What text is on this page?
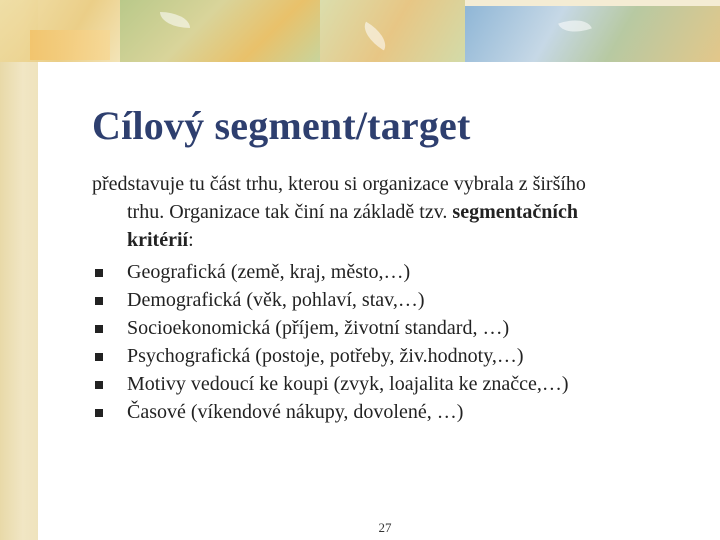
Cílový segment/target
představuje tu část trhu, kterou si organizace vybrala z širšího
trhu. Organizace tak činí na základě tzv. segmentačních
kritérií:
Geografická (země, kraj, město,…)
Demografická (věk, pohlaví, stav,…)
Socioekonomická (příjem, životní standard, …)
Psychografická (postoje, potřeby, živ.hodnoty,…)
Motivy vedoucí ke koupi (zvyk, loajalita ke značce,…)
Časové (víkendové nákupy, dovolené, …)
27
